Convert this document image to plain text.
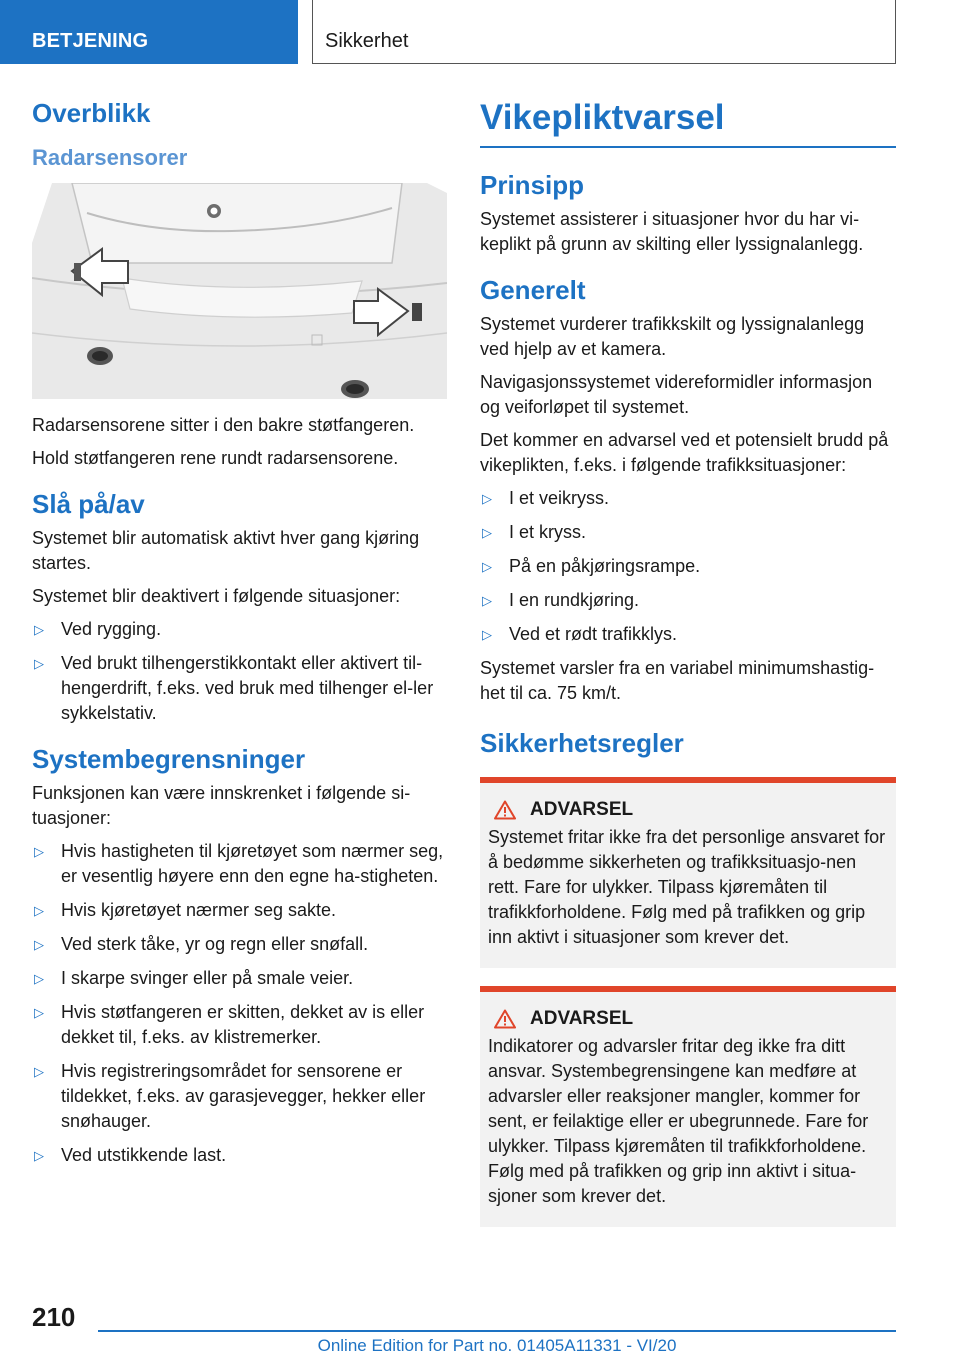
BETJENING	Sikkerhet
Overblikk
Radarsensorer

Radarsensorene sitter i den bakre støtfangeren.

Hold støtfangeren rene rundt radarsensorene.

Slå på/av

Systemet blir automatisk aktivt hver gang kjøring startes.

Systemet blir deaktivert i følgende situasjoner:

▷ Ved rygging.
▷ Ved brukt tilhengerstikkontakt eller aktivert til-hengerdrift, f.eks. ved bruk med tilhenger el-ler sykkelstativ.
Systembegrensninger

Funksjonen kan være innskrenket i følgende si-tuasjoner:

▷ Hvis hastigheten til kjøretøyet som nærmer seg, er vesentlig høyere enn den egne ha-stigheten.
▷ Hvis kjøretøyet nærmer seg sakte.
▷ Ved sterk tåke, yr og regn eller snøfall.
▷ I skarpe svinger eller på smale veier.
▷ Hvis støtfangeren er skitten, dekket av is eller dekket til, f.eks. av klistremerker.
▷ Hvis registreringsområdet for sensorene er tildekket, f.eks. av garasjevegger, hekker eller snøhauger.
▷ Ved utstikkende last.
Vikepliktvarsel
Prinsipp

Systemet assisterer i situasjoner hvor du har vi-keplikt på grunn av skilting eller lyssignalanlegg.

Generelt

Systemet vurderer trafikkskilt og lyssignalanlegg ved hjelp av et kamera.

Navigasjonssystemet videreformidler informasjon og veiforløpet til systemet.

Det kommer en advarsel ved et potensielt brudd på vikeplikten, f.eks. i følgende trafikksituasjoner:

▷ I et veikryss.
▷ I et kryss.
▷ På en påkjøringsrampe.
▷ I en rundkjøring.
▷ Ved et rødt trafikklys.

Systemet varsler fra en variabel minimumshastig-het til ca. 75 km/t.

Sikkerhetsregler
ADVARSEL

Systemet fritar ikke fra det personlige ansvaret for å bedømme sikkerheten og trafikksituasjo-nen rett. Fare for ulykker. Tilpass kjøremåten til trafikkforholdene. Følg med på trafikken og grip inn aktivt i situasjoner som krever det.

ADVARSEL

Indikatorer og advarsler fritar deg ikke fra ditt ansvar. Systembegrensingene kan medføre at advarsler eller reaksjoner mangler, kommer for sent, er feilaktige eller er ubegrunnede. Fare for ulykker. Tilpass kjøremåten til trafikkforholdene. Følg med på trafikken og grip inn aktivt i situa-sjoner som krever det.

210
Online Edition for Part no. 01405A11331 - VI/20
